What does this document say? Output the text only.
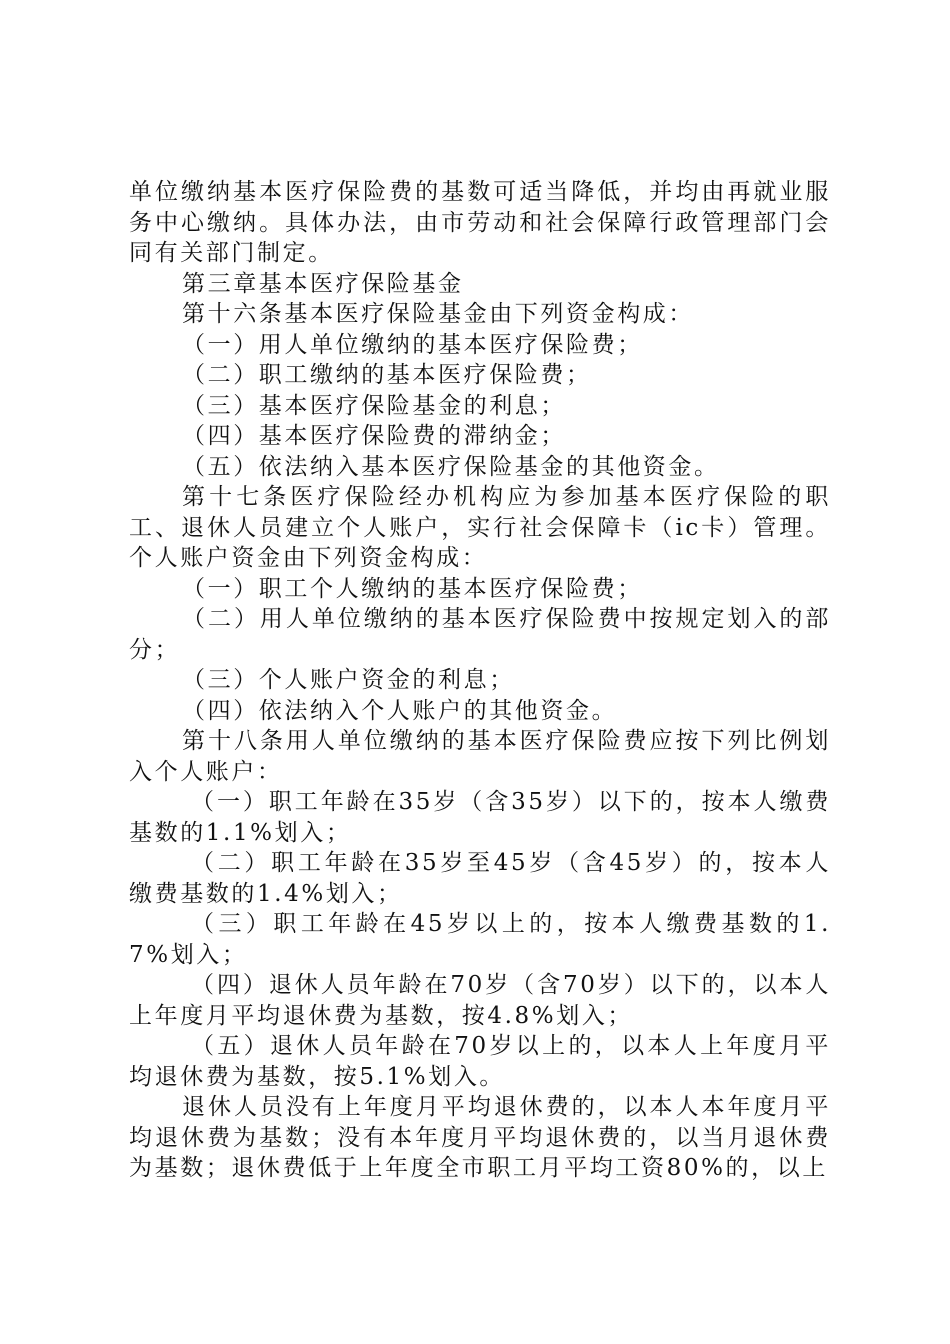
单位缴纳基本医疗保险费的基数可适当降低，并均由再就业服务中心缴纳。具体办法，由市劳动和社会保障行政管理部门会同有关部门制定。

第三章基本医疗保险基金

第十六条基本医疗保险基金由下列资金构成：

（一）用人单位缴纳的基本医疗保险费；

（二）职工缴纳的基本医疗保险费；

（三）基本医疗保险基金的利息；

（四）基本医疗保险费的滞纳金；

（五）依法纳入基本医疗保险基金的其他资金。

第十七条医疗保险经办机构应为参加基本医疗保险的职工、退休人员建立个人账户，实行社会保障卡（ic卡）管理。个人账户资金由下列资金构成：

（一）职工个人缴纳的基本医疗保险费；

（二）用人单位缴纳的基本医疗保险费中按规定划入的部分；

（三）个人账户资金的利息；

（四）依法纳入个人账户的其他资金。

第十八条用人单位缴纳的基本医疗保险费应按下列比例划入个人账户：

（一）职工年龄在35岁（含35岁）以下的，按本人缴费基数的1.1%划入；

（二）职工年龄在35岁至45岁（含45岁）的，按本人缴费基数的1.4%划入；

（三）职工年龄在45岁以上的，按本人缴费基数的1.7%划入；

（四）退休人员年龄在70岁（含70岁）以下的，以本人上年度月平均退休费为基数，按4.8%划入；

（五）退休人员年龄在70岁以上的，以本人上年度月平均退休费为基数，按5.1%划入。

退休人员没有上年度月平均退休费的，以本人本年度月平均退休费为基数；没有本年度月平均退休费的，以当月退休费为基数；退休费低于上年度全市职工月平均工资80%的，以上
